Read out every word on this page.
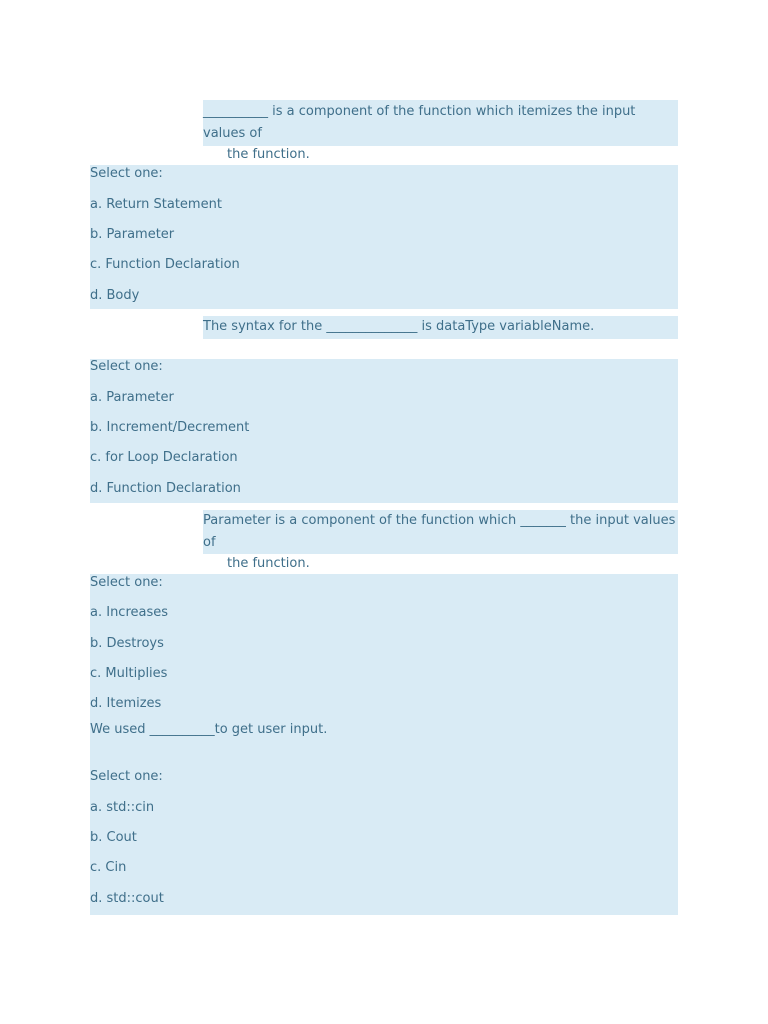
__________ is a component of the function which itemizes the input values of
the function.
Select one:
a. Return Statement
b. Parameter
c. Function Declaration
d. Body
The syntax for the ______________ is dataType variableName.
Select one:
a. Parameter
b. Increment/Decrement
c. for Loop Declaration
d. Function Declaration
Parameter is a component of the function which _______ the input values of
the function.
Select one:
a. Increases
b. Destroys
c. Multiplies
d. Itemizes
We used __________to get user input.
Select one:
a. std::cin
b. Cout
c. Cin
d. std::cout
